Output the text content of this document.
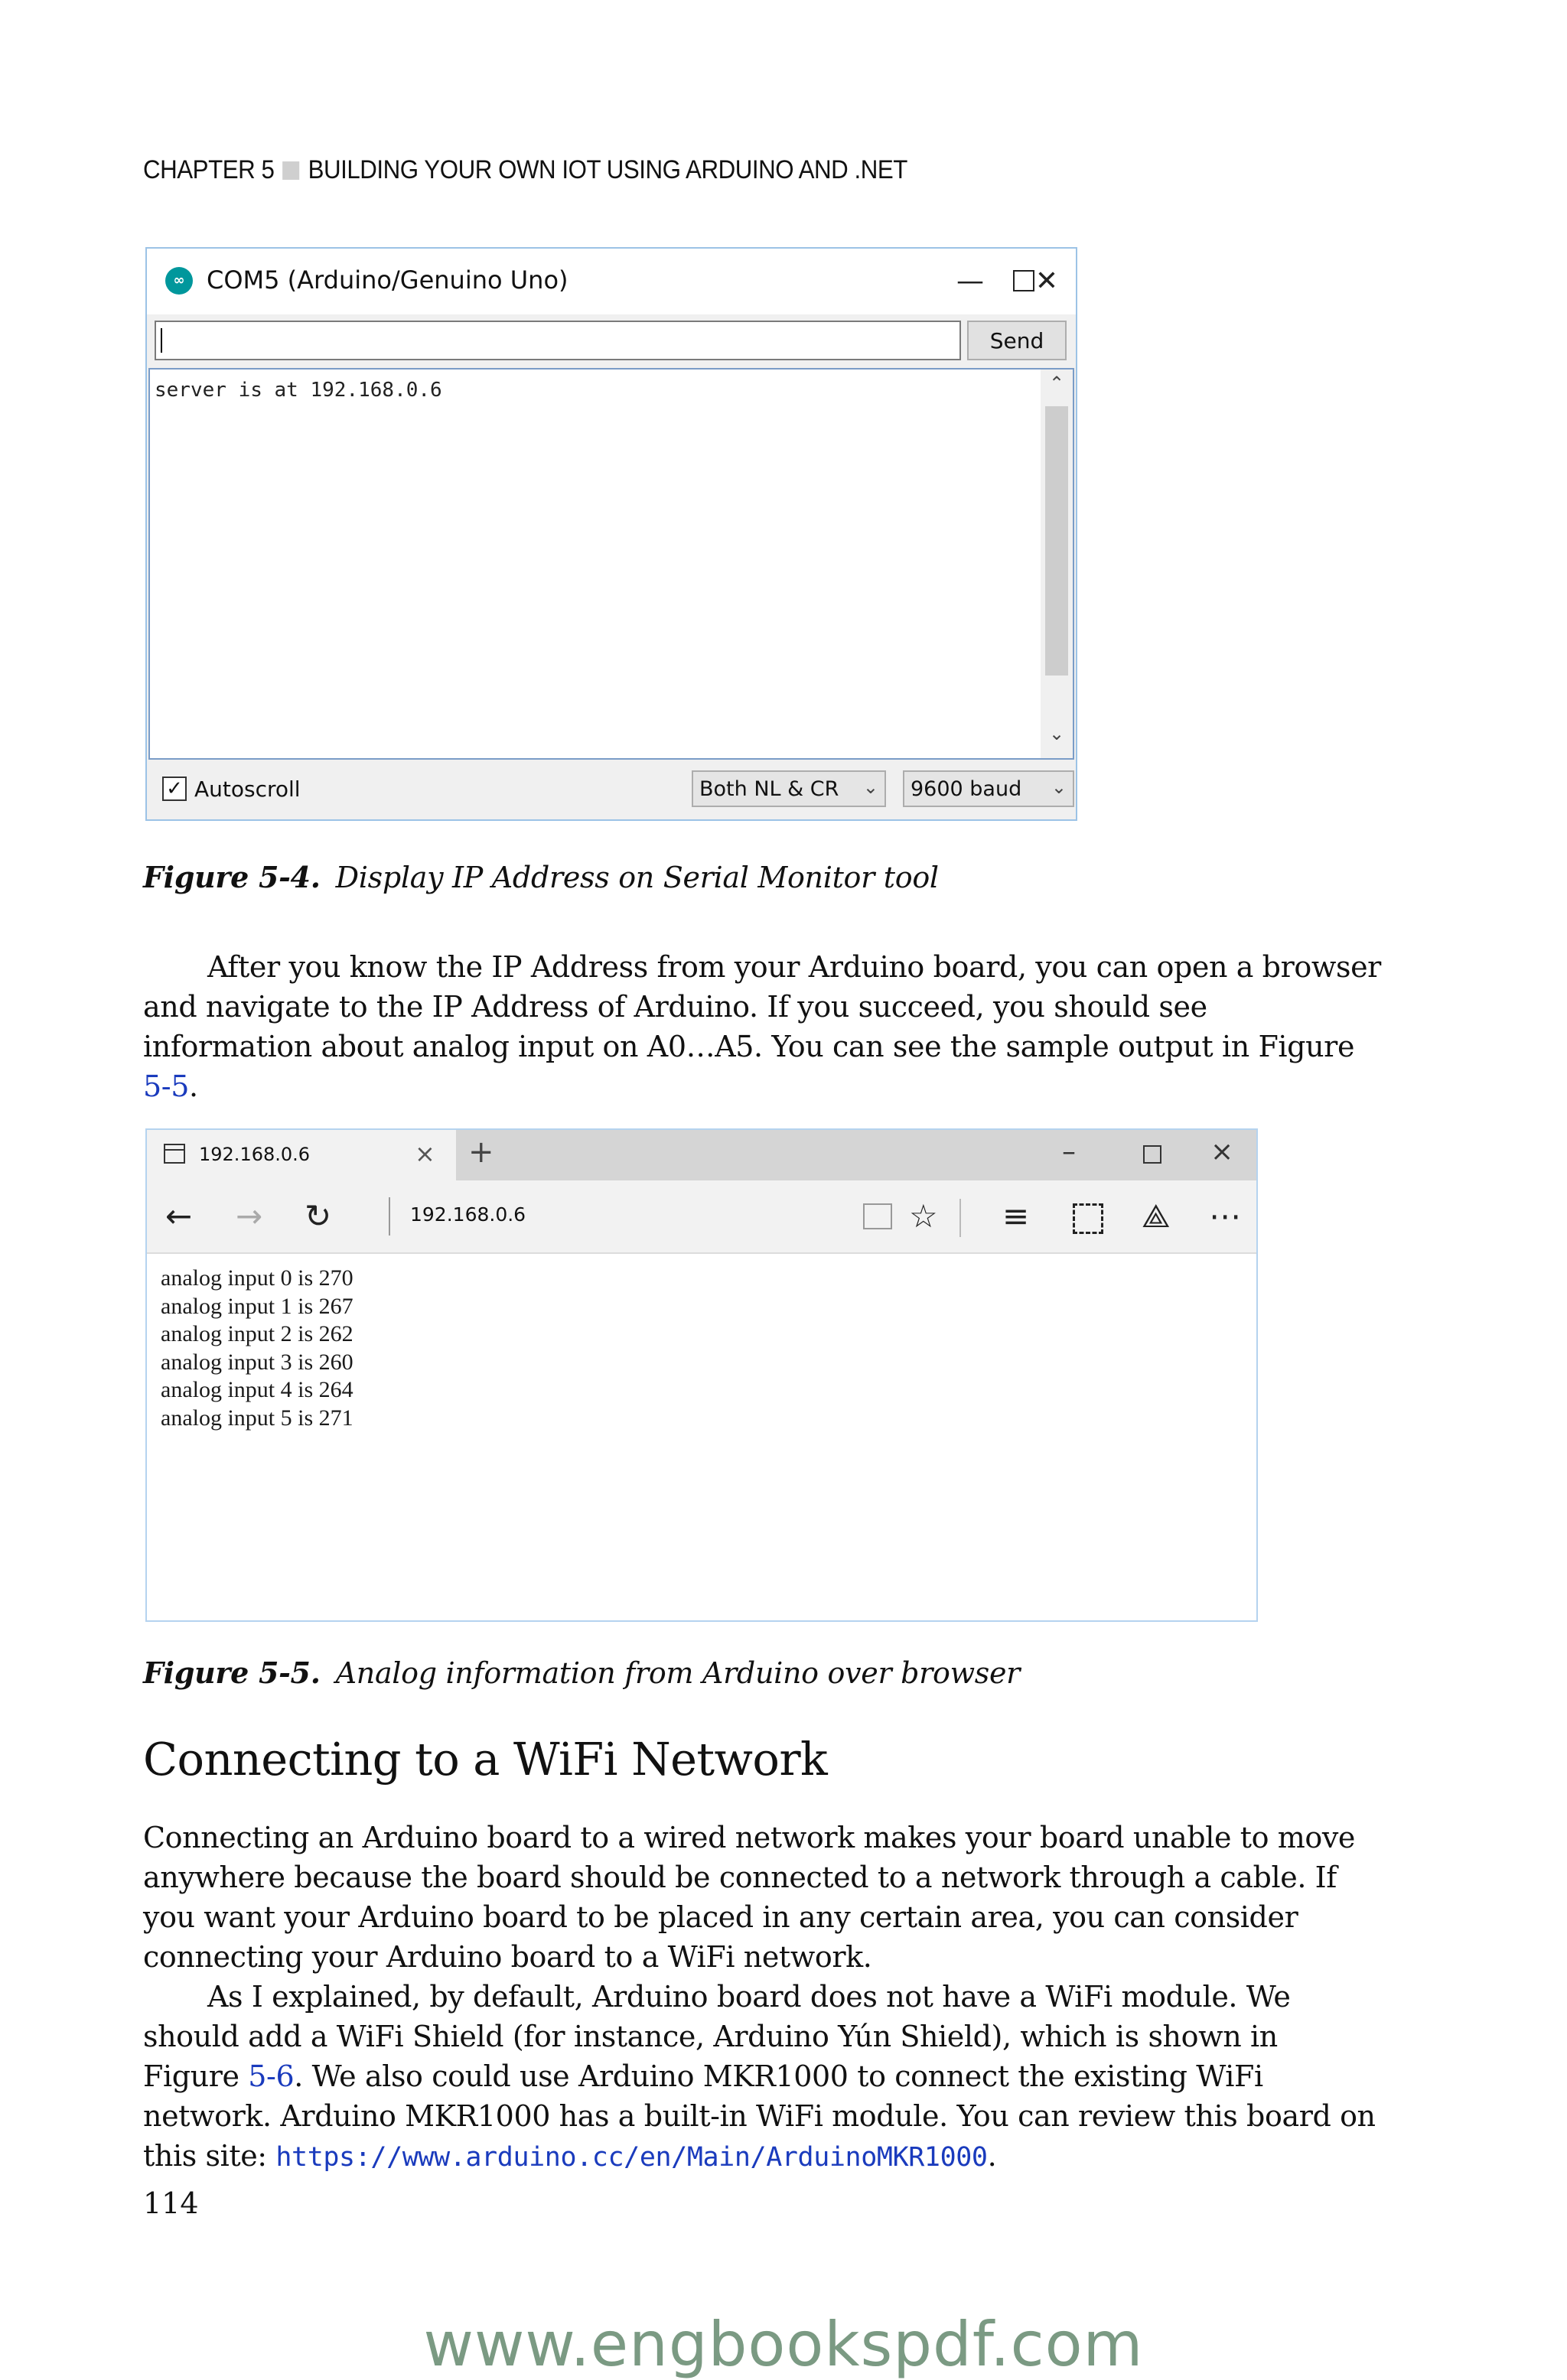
CHAPTER 5 BUILDING YOUR OWN IOT USING ARDUINO AND .NET
∞ COM5 (Arduino/Genuino Uno)	—	✕
Send
server is at 192.168.0.6	⌃
⌄
✓ Autoscroll	Both NL & CR ⌄ 9600 baud ⌄
Figure 5-4. Display IP Address on Serial Monitor tool
After you know the IP Address from your Arduino board, you can open a browser and navigate to the IP Address of Arduino. If you succeed, you should see information about analog input on A0…A5. You can see the sample output in Figure 5-5.
192.168.0.6	× +	–	×
← → ↻	192.168.0.6	☆ ≡	⟁ ⋯
analog input 0 is 270
analog input 1 is 267
analog input 2 is 262
analog input 3 is 260
analog input 4 is 264
analog input 5 is 271
Figure 5-5. Analog information from Arduino over browser
Connecting to a WiFi Network
Connecting an Arduino board to a wired network makes your board unable to move anywhere because the board should be connected to a network through a cable. If you want your Arduino board to be placed in any certain area, you can consider connecting your Arduino board to a WiFi network.
As I explained, by default, Arduino board does not have a WiFi module. We should add a WiFi Shield (for instance, Arduino Yún Shield), which is shown in Figure 5-6. We also could use Arduino MKR1000 to connect the existing WiFi network. Arduino MKR1000 has a built-in WiFi module. You can review this board on this site: https://www.arduino.cc/en/Main/ArduinoMKR1000.
114
www.engbookspdf.com
